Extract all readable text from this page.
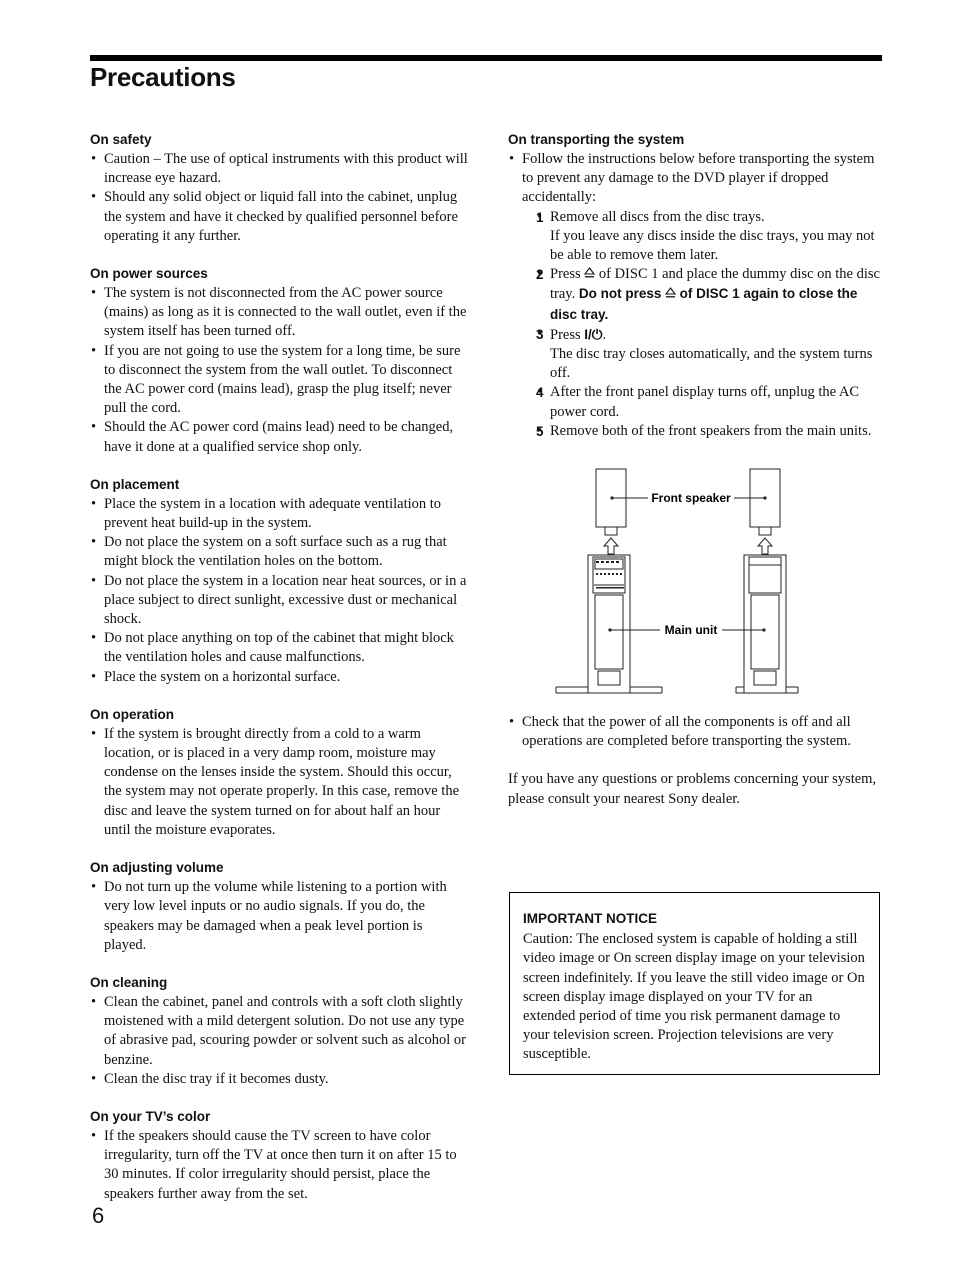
Precautions
On safety
• Caution – The use of optical instruments with this product will increase eye hazard.
• Should any solid object or liquid fall into the cabinet, unplug the system and have it checked by qualified personnel before operating it any further.
On power sources
• The system is not disconnected from the AC power source (mains) as long as it is connected to the wall outlet, even if the system itself has been turned off.
• If you are not going to use the system for a long time, be sure to disconnect the system from the wall outlet. To disconnect the AC power cord (mains lead), grasp the plug itself; never pull the cord.
• Should the AC power cord (mains lead) need to be changed, have it done at a qualified service shop only.
On placement
• Place the system in a location with adequate ventilation to prevent heat build-up in the system.
• Do not place the system on a soft surface such as a rug that might block the ventilation holes on the bottom.
• Do not place the system in a location near heat sources, or in a place subject to direct sunlight, excessive dust or mechanical shock.
• Do not place anything on top of the cabinet that might block the ventilation holes and cause malfunctions.
• Place the system on a horizontal surface.
On operation
• If the system is brought directly from a cold to a warm location, or is placed in a very damp room, moisture may condense on the lenses inside the system. Should this occur, the system may not operate properly. In this case, remove the disc and leave the system turned on for about half an hour until the moisture evaporates.
On adjusting volume
• Do not turn up the volume while listening to a portion with very low level inputs or no audio signals. If you do, the speakers may be damaged when a peak level portion is played.
On cleaning
• Clean the cabinet, panel and controls with a soft cloth slightly moistened with a mild detergent solution. Do not use any type of abrasive pad, scouring powder or solvent such as alcohol or benzine.
• Clean the disc tray if it becomes dusty.
On your TV’s color
• If the speakers should cause the TV screen to have color irregularity, turn off the TV at once then turn it on after 15 to 30 minutes. If color irregularity should persist, place the speakers further away from the set.
On transporting the system
• Follow the instructions below before transporting the system to prevent any damage to the DVD player if dropped accidentally:
• 1 Remove all discs from the disc trays.
If you leave any discs inside the disc trays, you may not be able to remove them later.
• 2 Press of DISC 1 and place the dummy disc on the disc tray. Do not press of DISC 1 again to close the disc tray.
• 3 Press I/⏻.
The disc tray closes automatically, and the system turns off.
• 4 After the front panel display turns off, unplug the AC power cord.
• 5 Remove both of the front speakers from the main units.
Front speaker
Main unit
• Check that the power of all the components is off and all operations are completed before transporting the system.

If you have any questions or problems concerning your system, please consult your nearest Sony dealer.

IMPORTANT NOTICE

Caution: The enclosed system is capable of holding a still video image or On screen display image on your television screen indefinitely. If you leave the still video image or On screen display image displayed on your TV for an extended period of time you risk permanent damage to your television screen. Projection televisions are very susceptible.

6
